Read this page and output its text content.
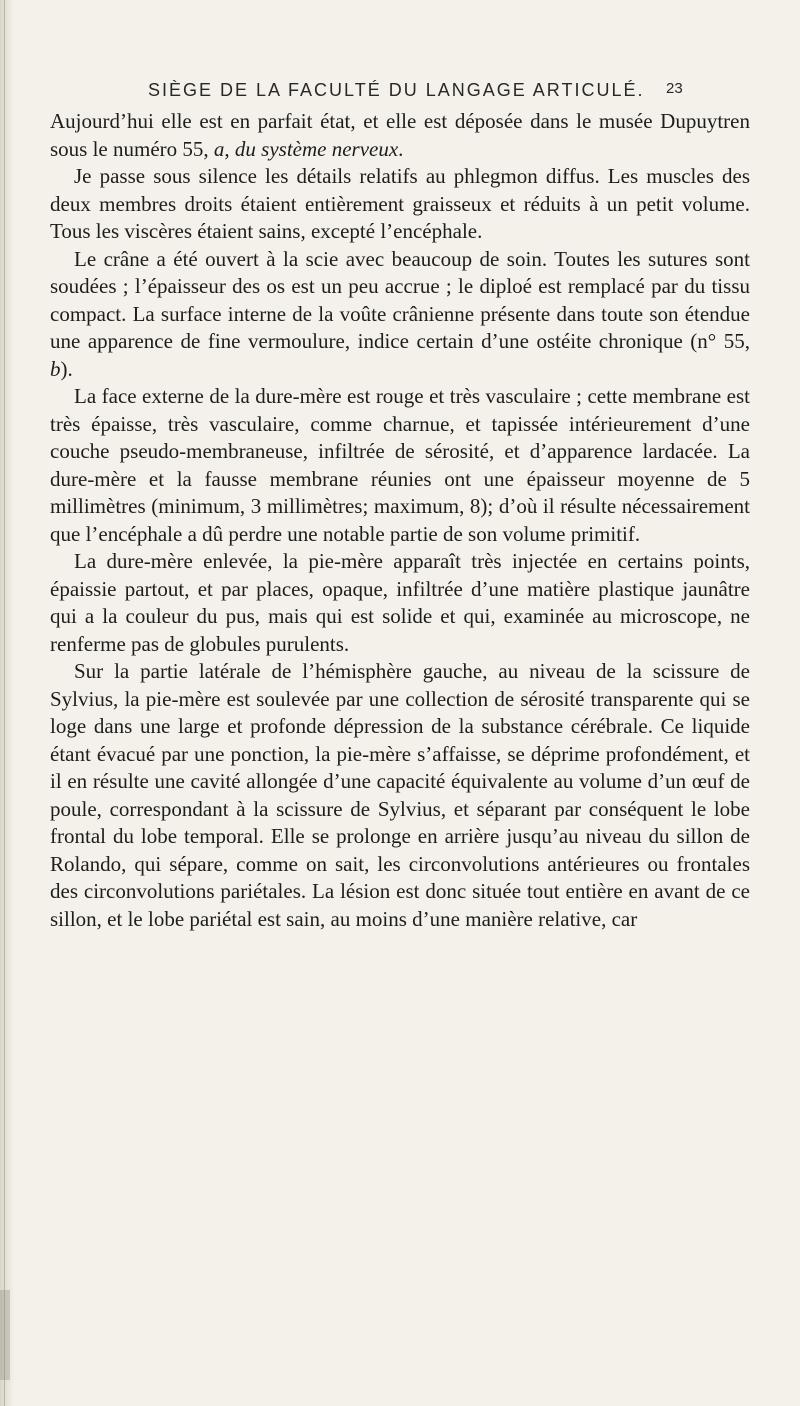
SIÈGE DE LA FACULTÉ DU LANGAGE ARTICULÉ. 23

Aujourd’hui elle est en parfait état, et elle est déposée dans le musée Dupuytren sous le numéro 55, a, du système nerveux.

Je passe sous silence les détails relatifs au phlegmon diffus. Les muscles des deux membres droits étaient entièrement graisseux et réduits à un petit volume. Tous les viscères étaient sains, excepté l’encéphale.

Le crâne a été ouvert à la scie avec beaucoup de soin. Toutes les sutures sont soudées ; l’épaisseur des os est un peu accrue ; le diploé est remplacé par du tissu compact. La surface interne de la voûte crânienne présente dans toute son étendue une apparence de fine vermoulure, indice certain d’une ostéite chronique (n° 55, b).

La face externe de la dure-mère est rouge et très vasculaire ; cette membrane est très épaisse, très vasculaire, comme charnue, et tapissée intérieurement d’une couche pseudo-membraneuse, infiltrée de sérosité, et d’apparence lardacée. La dure-mère et la fausse membrane réunies ont une épaisseur moyenne de 5 millimètres (minimum, 3 millimètres; maximum, 8); d’où il résulte nécessairement que l’encéphale a dû perdre une notable partie de son volume primitif.

La dure-mère enlevée, la pie-mère apparaît très injectée en certains points, épaissie partout, et par places, opaque, infiltrée d’une matière plastique jaunâtre qui a la couleur du pus, mais qui est solide et qui, examinée au microscope, ne renferme pas de globules purulents.

Sur la partie latérale de l’hémisphère gauche, au niveau de la scissure de Sylvius, la pie-mère est soulevée par une collection de sérosité transparente qui se loge dans une large et profonde dépression de la substance cérébrale. Ce liquide étant évacué par une ponction, la pie-mère s’affaisse, se déprime profondément, et il en résulte une cavité allongée d’une capacité équivalente au volume d’un œuf de poule, correspondant à la scissure de Sylvius, et séparant par conséquent le lobe frontal du lobe temporal. Elle se prolonge en arrière jusqu’au niveau du sillon de Rolando, qui sépare, comme on sait, les circonvolutions antérieures ou frontales des circonvolutions pariétales. La lésion est donc située tout entière en avant de ce sillon, et le lobe pariétal est sain, au moins d’une manière relative, car
